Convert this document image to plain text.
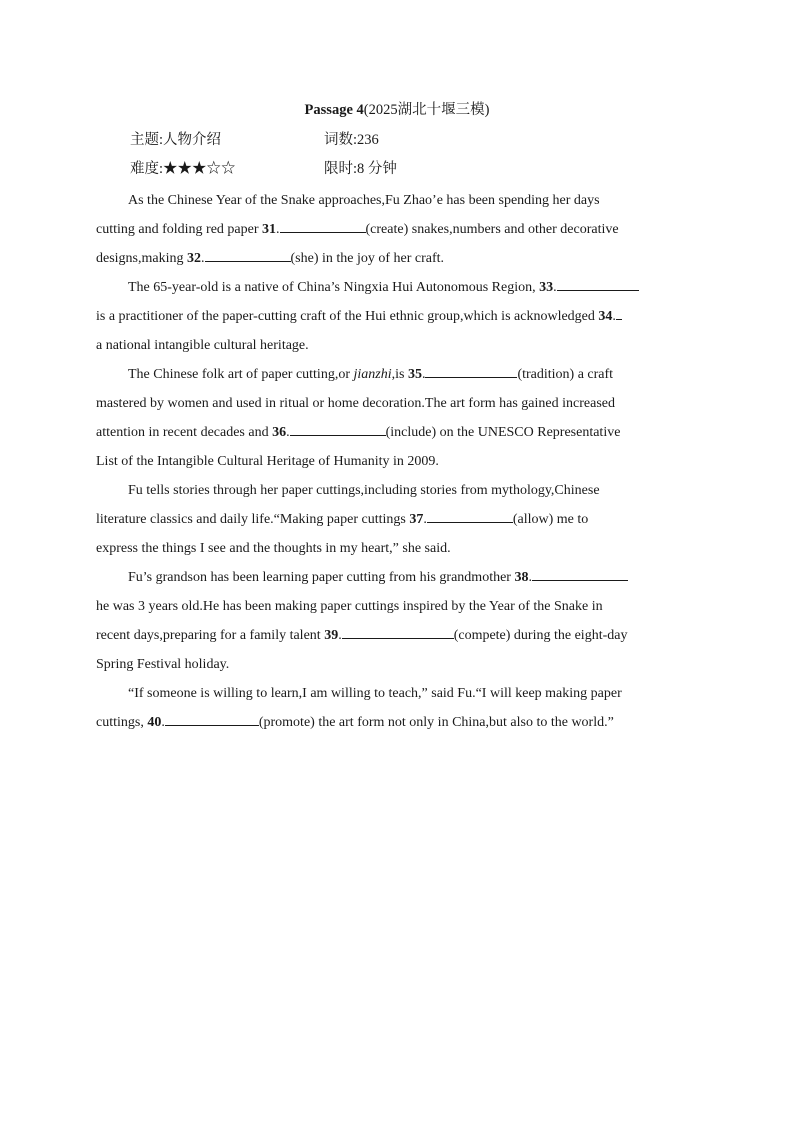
Passage 4(2025湖北十堰三模)
主题:人物介绍	词数:236
难度:★★★☆☆	限时:8 分钟
As the Chinese Year of the Snake approaches,Fu Zhao’e has been spending her days
cutting and folding red paper 31.	(create) snakes,numbers and other decorative
designs,making 32.	(she) in the joy of her craft.
The 65-year-old is a native of China’s Ningxia Hui Autonomous Region, 33.
is a practitioner of the paper-cutting craft of the Hui ethnic group,which is acknowledged 34.
a national intangible cultural heritage.
The Chinese folk art of paper cutting,or jianzhi,is 35.	(tradition) a craft
mastered by women and used in ritual or home decoration.The art form has gained increased
attention in recent decades and 36.	(include) on the UNESCO Representative
List of the Intangible Cultural Heritage of Humanity in 2009.
Fu tells stories through her paper cuttings,including stories from mythology,Chinese
literature classics and daily life.“Making paper cuttings 37.	(allow) me to
express the things I see and the thoughts in my heart,” she said.
Fu’s grandson has been learning paper cutting from his grandmother 38.
he was 3 years old.He has been making paper cuttings inspired by the Year of the Snake in
recent days,preparing for a family talent 39.	(compete) during the eight-day
Spring Festival holiday.
“If someone is willing to learn,I am willing to teach,” said Fu.“I will keep making paper
cuttings, 40.	(promote) the art form not only in China,but also to the world.”
